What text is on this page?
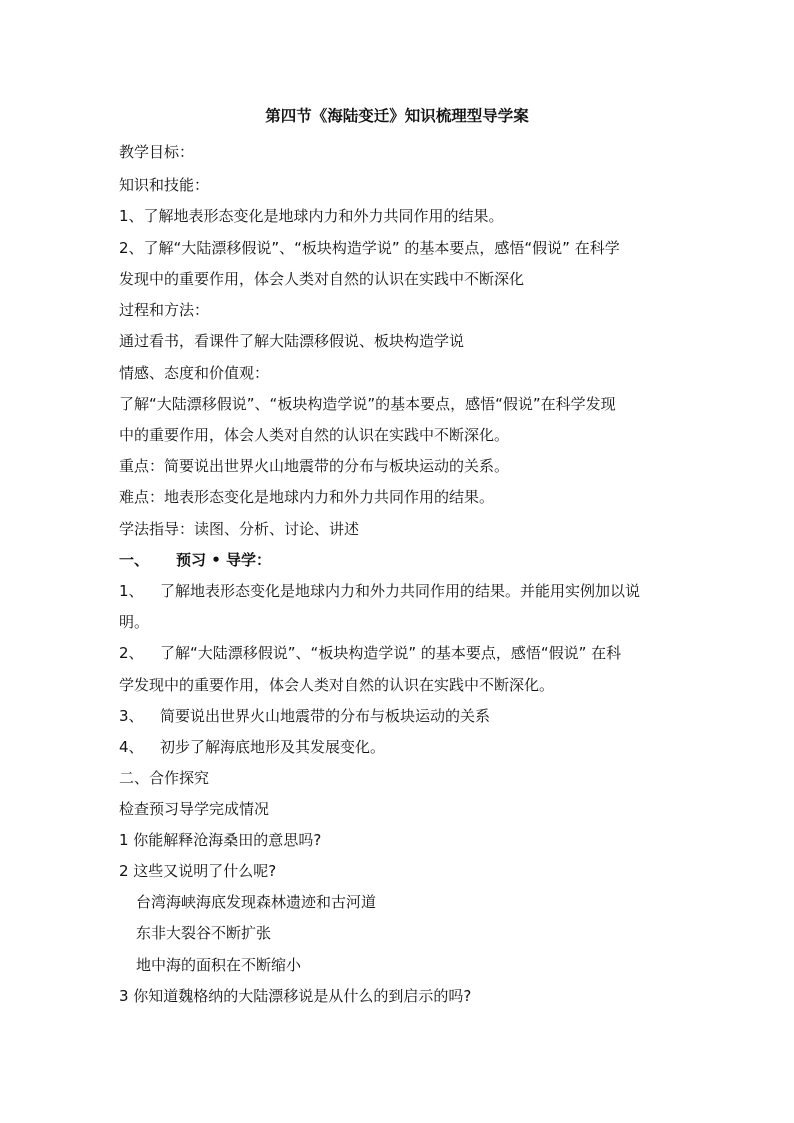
第四节《海陆变迁》知识梳理型导学案
教学目标：
知识和技能：
1、了解地表形态变化是地球内力和外力共同作用的结果。
2、了解“大陆漂移假说”、“板块构造学说” 的基本要点，感悟“假说” 在科学
发现中的重要作用，体会人类对自然的认识在实践中不断深化
过程和方法：
通过看书，看课件了解大陆漂移假说、板块构造学说
情感、态度和价值观：
了解“大陆漂移假说”、“板块构造学说”的基本要点，感悟“假说”在科学发现
中的重要作用，体会人类对自然的认识在实践中不断深化。
重点：简要说出世界火山地震带的分布与板块运动的关系。
难点：地表形态变化是地球内力和外力共同作用的结果。
学法指导：读图、分析、讨论、讲述
一、 预习 • 导学：
1、 了解地表形态变化是地球内力和外力共同作用的结果。并能用实例加以说
明。
2、 了解“大陆漂移假说”、“板块构造学说” 的基本要点，感悟“假说” 在科
学发现中的重要作用，体会人类对自然的认识在实践中不断深化。
3、 简要说出世界火山地震带的分布与板块运动的关系
4、 初步了解海底地形及其发展变化。
二、合作探究
检查预习导学完成情况
1 你能解释沧海桑田的意思吗?
2 这些又说明了什么呢?
台湾海峡海底发现森林遗迹和古河道
东非大裂谷不断扩张
地中海的面积在不断缩小
3 你知道魏格纳的大陆漂移说是从什么的到启示的吗?
